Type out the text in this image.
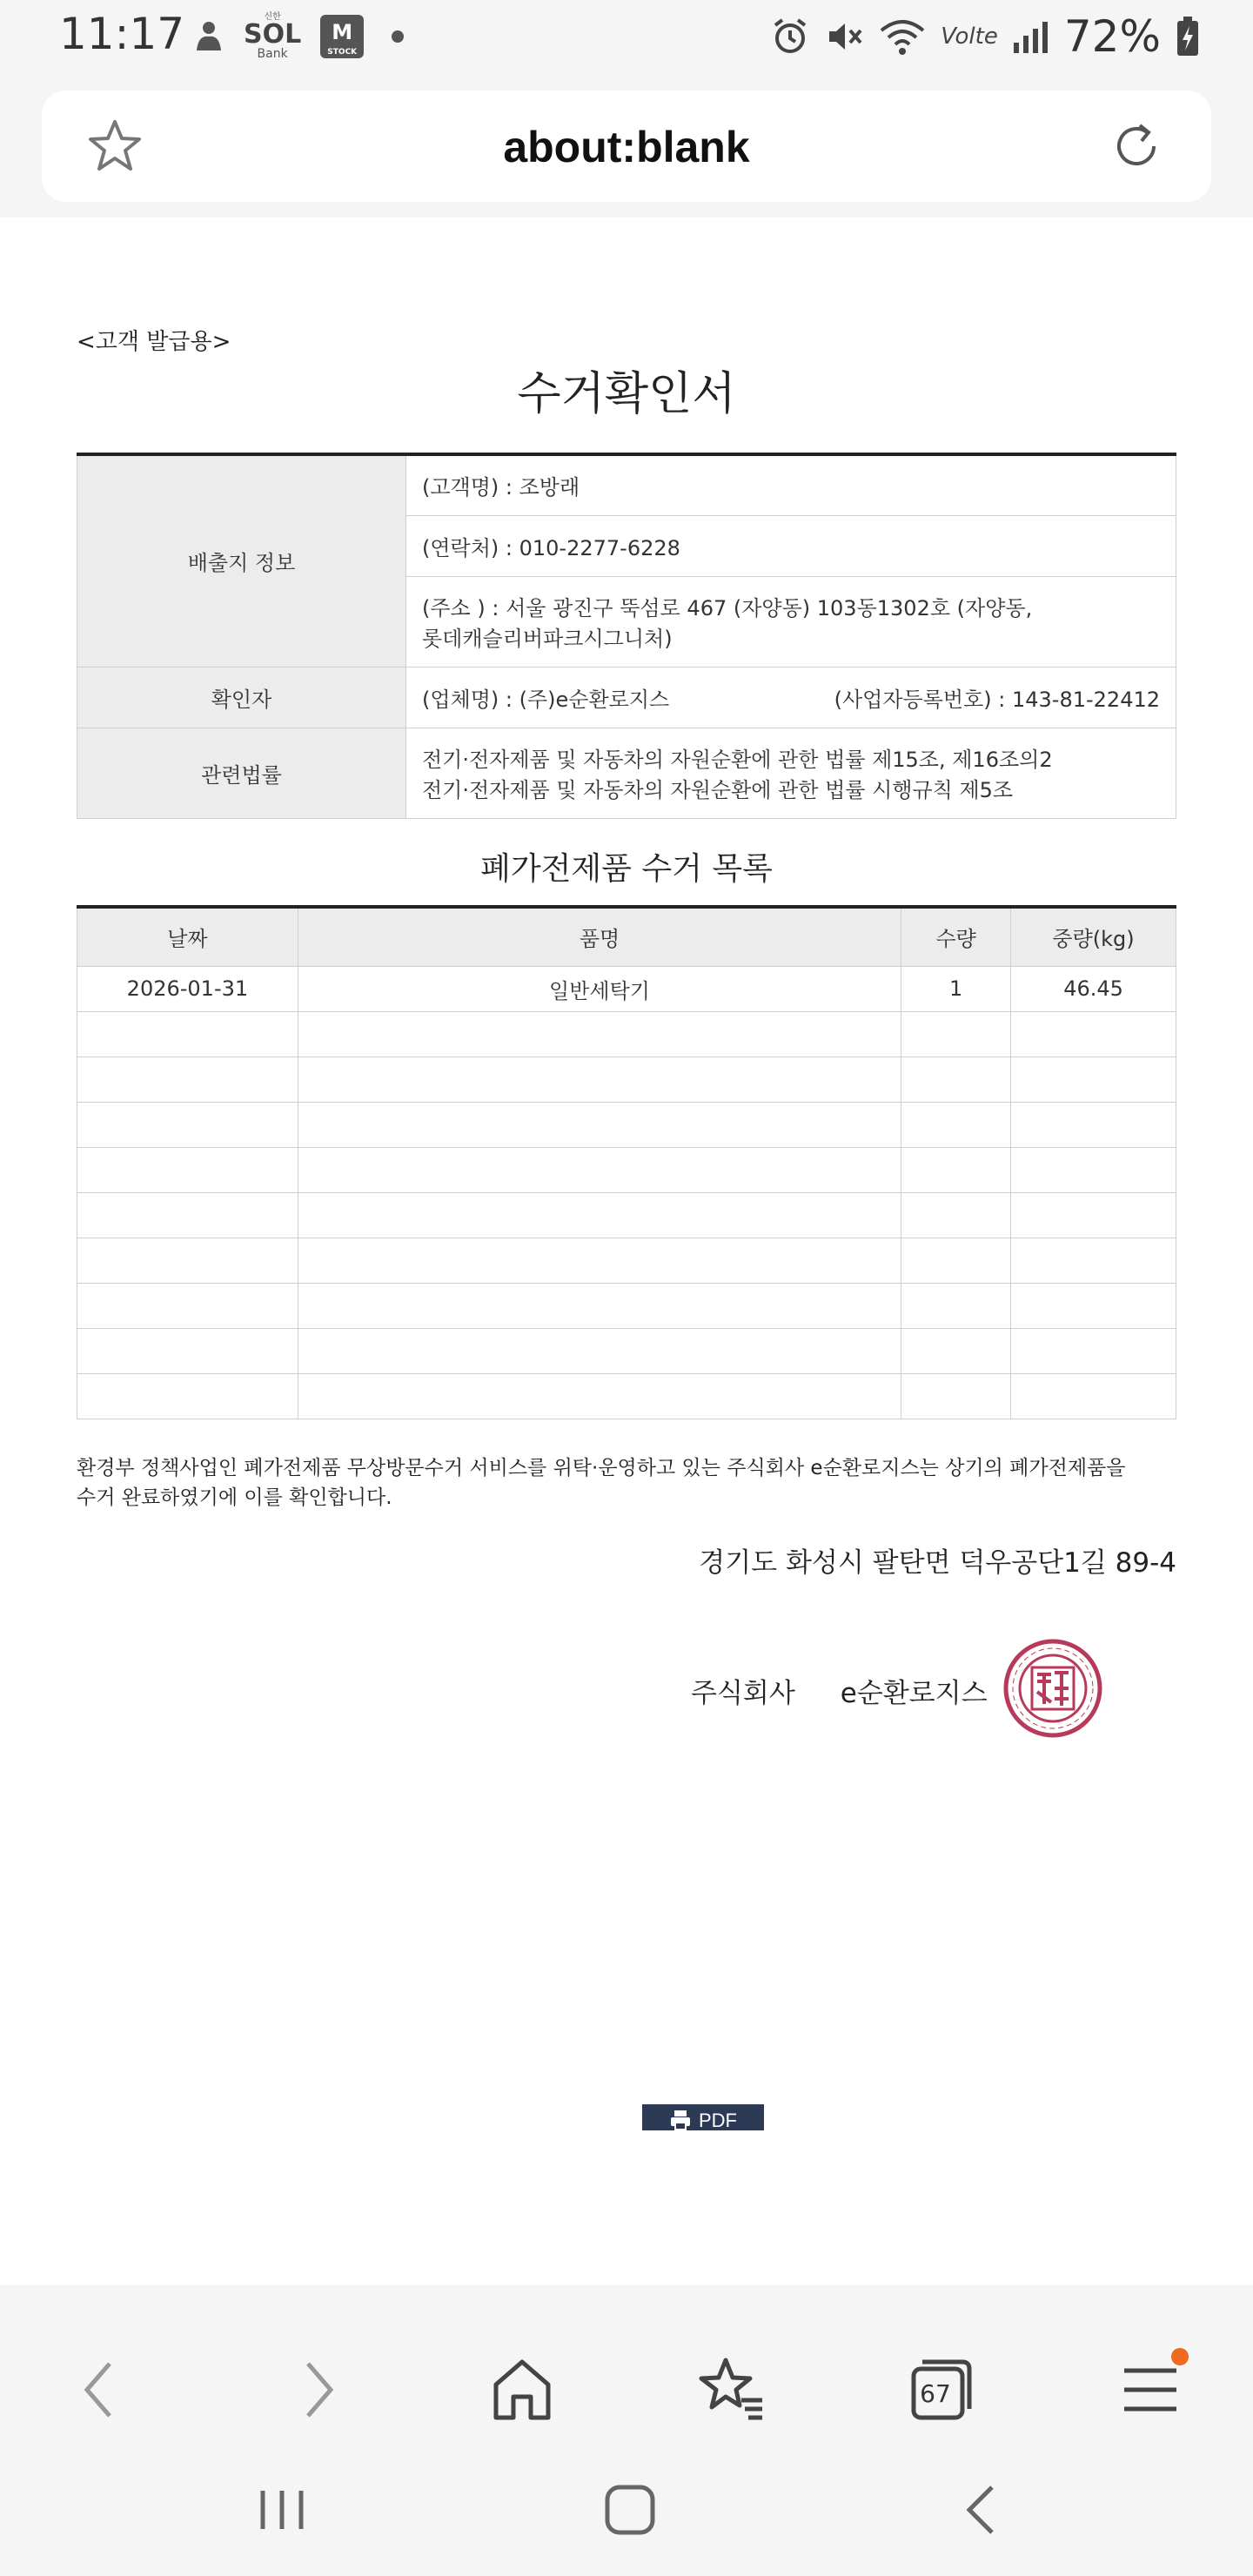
11:17	신한
SOL
Bank
M
STOCK
Volte 72%
about:blank
<고객 발급용>
수거확인서
배출지 정보	(고객명) : 조방래
	(연락처) : 010-2277-6228

	(주소 ) : 서울 광진구 뚝섬로 467 (자양동) 103동1302호 (자양동,
롯데캐슬리버파크시그니처)

확인자	(업체명) : (주)e순환로지스 (사업자등록번호) : 143-81-22412

관련법률	전기·전자제품 및 자동차의 자원순환에 관한 법률 제15조, 제16조의2
전기·전자제품 및 자동차의 자원순환에 관한 법률 시행규칙 제5조
폐가전제품 수거 목록
날짜	품명	수량	중량(kg)
2026-01-31	일반세탁기	1	46.45

환경부 정책사업인 폐가전제품 무상방문수거 서비스를 위탁·운영하고 있는 주식회사 e순환로지스는 상기의 폐가전제품을
수거 완료하였기에 이를 확인합니다.
경기도 화성시 팔탄면 덕우공단1길 89-4
주식회사 e순환로지스
PDF
67
